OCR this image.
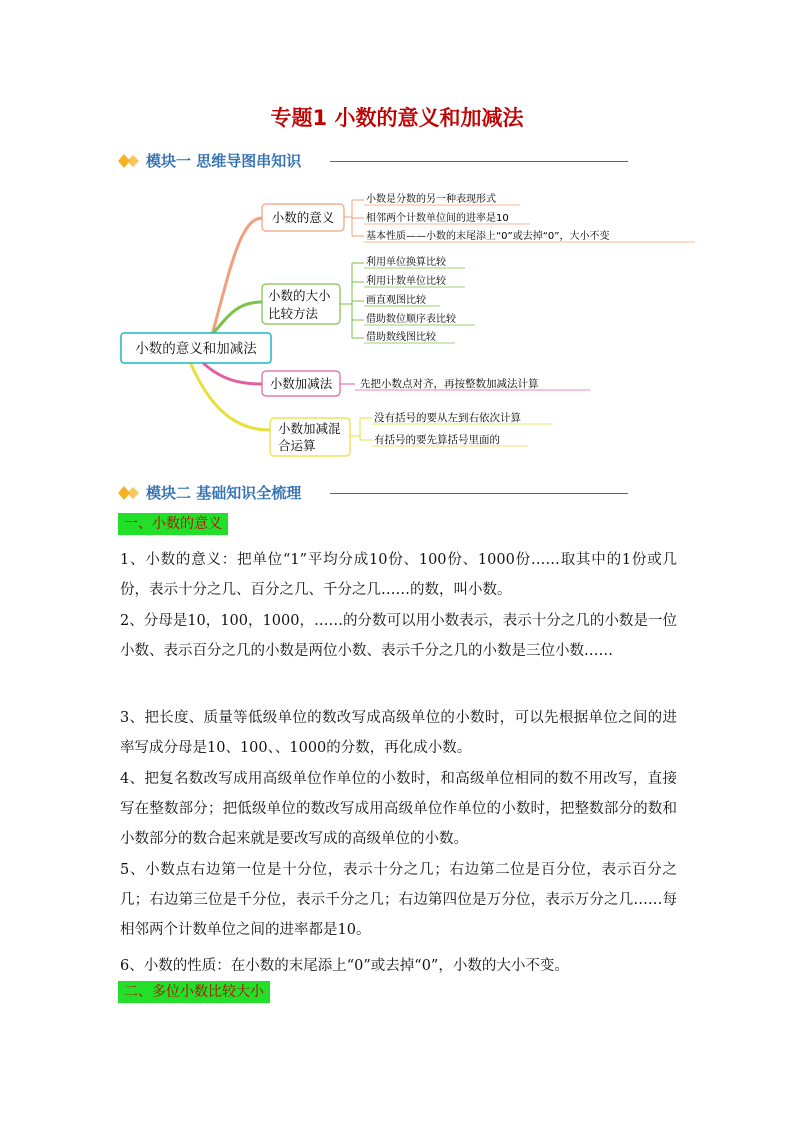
专题1 小数的意义和加减法
模块一 思维导图串知识
小数的意义和加减法
小数的意义
小数是分数的另一种表现形式
相邻两个计数单位间的进率是10
基本性质——小数的末尾添上“0”或去掉“0”，大小不变
小数的大小
比较方法
利用单位换算比较
利用计数单位比较
画直观图比较
借助数位顺序表比较
借助数线图比较
小数加减法	先把小数点对齐，再按整数加减法计算
小数加减混
合运算
没有括号的要从左到右依次计算
有括号的要先算括号里面的
模块二 基础知识全梳理
一、小数的意义
1、小数的意义：把单位“1”平均分成10份、100份、1000份……取其中的1份或几份，表示十分之几、百分之几、千分之几……的数，叫小数。
2、分母是10，100，1000，……的分数可以用小数表示，表示十分之几的小数是一位小数、表示百分之几的小数是两位小数、表示千分之几的小数是三位小数……
3、把长度、质量等低级单位的数改写成高级单位的小数时，可以先根据单位之间的进率写成分母是10、100、、1000的分数，再化成小数。
4、把复名数改写成用高级单位作单位的小数时，和高级单位相同的数不用改写，直接写在整数部分；把低级单位的数改写成用高级单位作单位的小数时，把整数部分的数和小数部分的数合起来就是要改写成的高级单位的小数。
5、小数点右边第一位是十分位，表示十分之几；右边第二位是百分位，表示百分之几；右边第三位是千分位，表示千分之几；右边第四位是万分位，表示万分之几……每相邻两个计数单位之间的进率都是10。
6、小数的性质：在小数的末尾添上“0”或去掉“0”，小数的大小不变。
二、多位小数比较大小
